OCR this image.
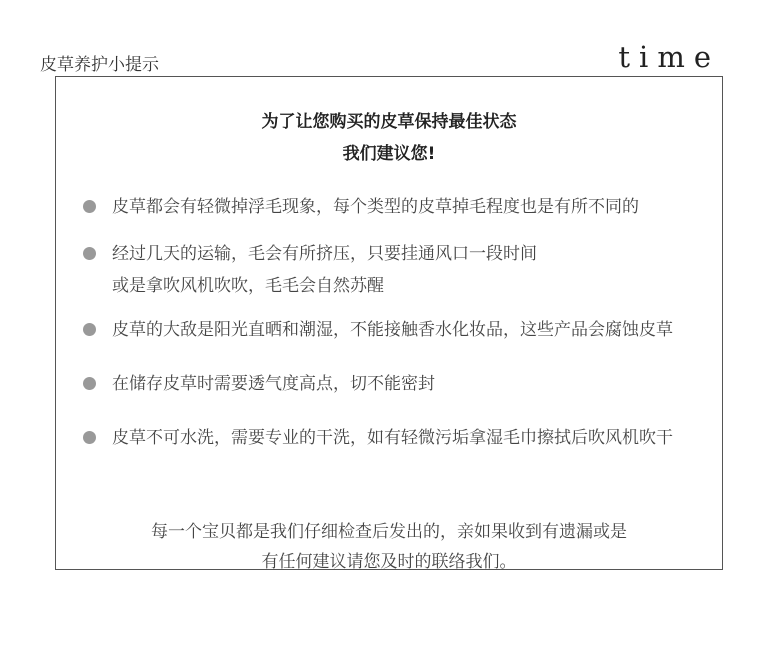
皮草养护小提示	time
为了让您购买的皮草保持最佳状态
我们建议您!
皮草都会有轻微掉浮毛现象，每个类型的皮草掉毛程度也是有所不同的
经过几天的运输，毛会有所挤压，只要挂通风口一段时间
或是拿吹风机吹吹，毛毛会自然苏醒
皮草的大敌是阳光直晒和潮湿，不能接触香水化妆品，这些产品会腐蚀皮草
在储存皮草时需要透气度高点，切不能密封
皮草不可水洗，需要专业的干洗，如有轻微污垢拿湿毛巾擦拭后吹风机吹干
每一个宝贝都是我们仔细检查后发出的，亲如果收到有遗漏或是
有任何建议请您及时的联络我们。
